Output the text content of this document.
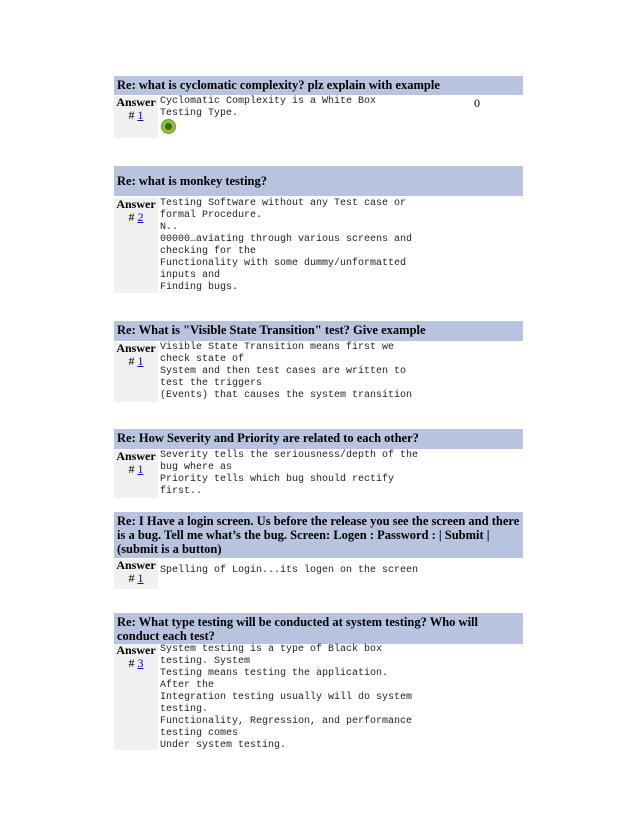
Re: what is cyclomatic complexity? plz explain with example
Answer
# 1
Cyclomatic Complexity is a White Box
Testing Type.
0
Re: what is monkey testing?
Answer
# 2
Testing Software without any Test case or
formal Procedure.
N..
00000…aviating through various screens and
checking for the
Functionality with some dummy/unformatted
inputs and
Finding bugs.
Re: What is "Visible State Transition" test? Give example
Answer
# 1
Visible State Transition means first we
check state of
System and then test cases are written to
test the triggers
(Events) that causes the system transition
Re: How Severity and Priority are related to each other?
Answer
# 1
Severity tells the seriousness/depth of the
bug where as
Priority tells which bug should rectify
first..
Re: I Have a login screen. Us before the release you see the screen and there is a bug. Tell me what’s the bug. Screen: Logen : Password : | Submit | (submit is a button)
Answer
# 1
Spelling of Login...its logen on the screen
Re: What type testing will be conducted at system testing? Who will conduct each test?
Answer
# 3
System testing is a type of Black box
testing. System
Testing means testing the application.
After the
Integration testing usually will do system
testing.
Functionality, Regression, and performance
testing comes
Under system testing.
